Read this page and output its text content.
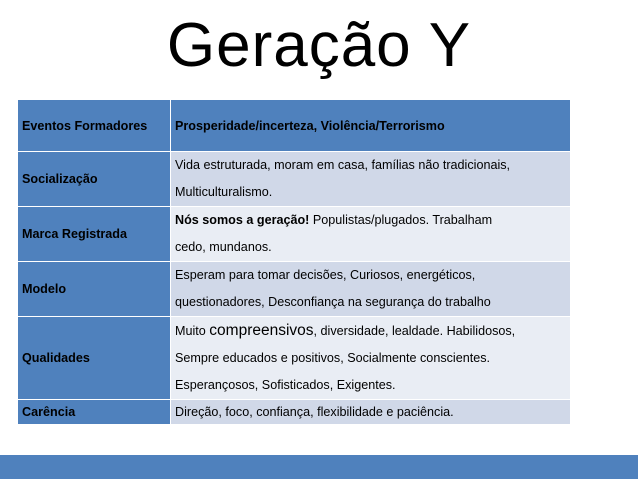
Geração Y
Eventos Formadores	Prosperidade/incerteza, Violência/Terrorismo
Socialização	Vida estruturada, moram em casa, famílias não tradicionais,
Multiculturalismo.

Marca Registrada	Nós somos a geração! Populistas/plugados. Trabalham
cedo, mundanos.

Modelo	Esperam para tomar decisões, Curiosos, energéticos,
questionadores, Desconfiança na segurança do trabalho

Qualidades	Muito compreensivos, diversidade, lealdade. Habilidosos,
Sempre educados e positivos, Socialmente conscientes.
Esperançosos, Sofisticados, Exigentes.

Carência	Direção, foco, confiança, flexibilidade e paciência.
